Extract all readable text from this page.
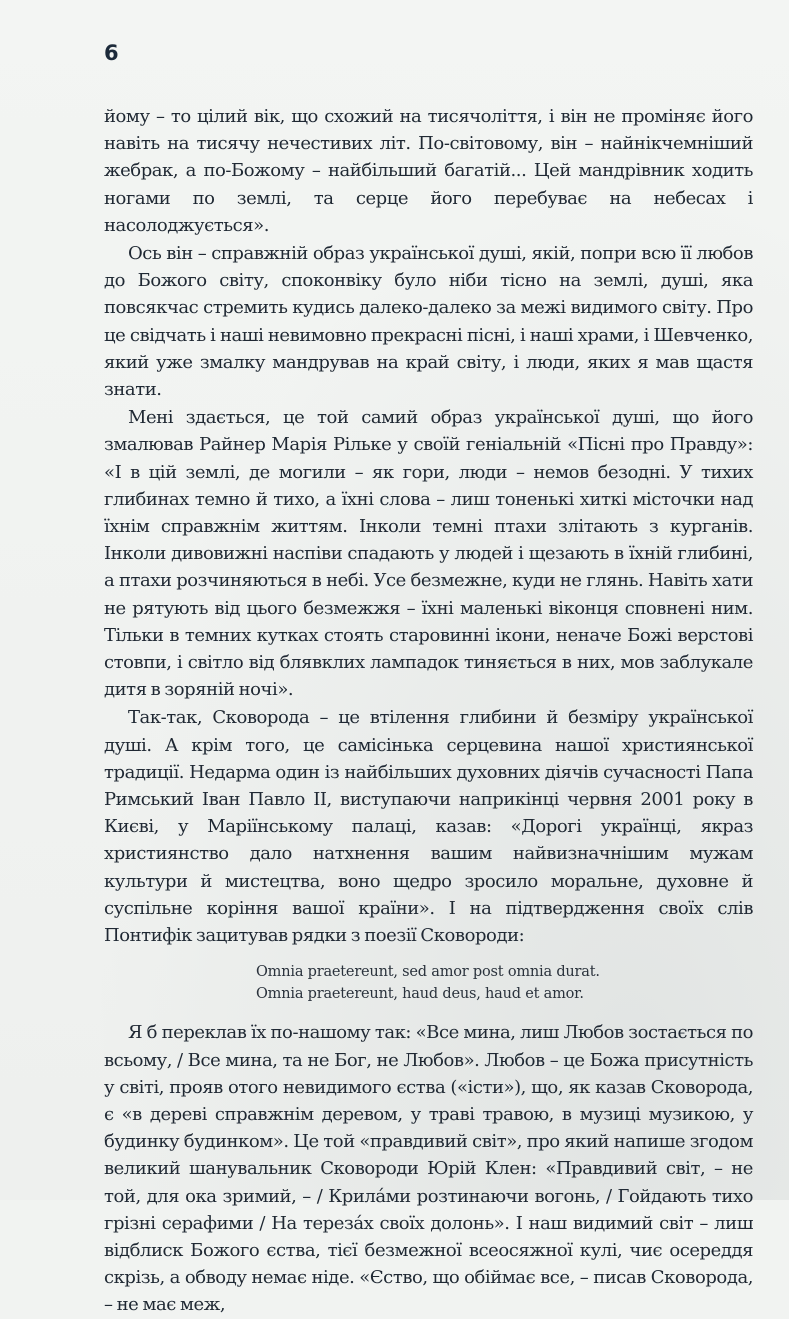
6

йому – то цілий вік, що схожий на тисячоліття, і він не проміняє його навіть на тисячу нечестивих літ. По-світовому, він – найнікчемніший жебрак, а по-Божому – найбільший багатій... Цей мандрівник ходить ногами по землі, та серце його перебуває на небесах і насолоджується».

Ось він – справжній образ української душі, якій, попри всю її любов до Божого світу, споконвіку було ніби тісно на землі, душі, яка повсякчас стремить кудись далеко-далеко за межі видимого світу. Про це свідчать і наші невимовно прекрасні пісні, і наші храми, і Шевченко, який уже змалку мандрував на край світу, і люди, яких я мав щастя знати.

Мені здається, це той самий образ української душі, що його змалював Райнер Марія Рільке у своїй геніальній «Пісні про Правду»: «І в цій землі, де могили – як гори, люди – немов безодні. У тихих глибинах темно й тихо, а їхні слова – лиш тоненькі хиткі місточки над їхнім справжнім життям. Інколи темні птахи злітають з курганів. Інколи дивовижні наспіви спадають у людей і щезають в їхній глибині, а птахи розчиняються в небі. Усе безмежне, куди не глянь. Навіть хати не рятують від цього безмежжя – їхні маленькі віконця сповнені ним. Тільки в темних кутках стоять старовинні ікони, неначе Божі верстові стовпи, і світло від блявклих лампадок тиняється в них, мов заблукале дитя в зоряній ночі».

Так-так, Сковорода – це втілення глибини й безміру української душі. А крім того, це самісінька серцевина нашої християнської традиції. Недарма один із найбільших духовних діячів сучасності Папа Римський Іван Павло II, виступаючи наприкінці червня 2001 року в Києві, у Маріїнському палаці, казав: «Дорогі українці, якраз християнство дало натхнення вашим найвизначнішим мужам культури й мистецтва, воно щедро зросило моральне, духовне й суспільне коріння вашої країни». І на підтвердження своїх слів Понтифік зацитував рядки з поезії Сковороди:

Omnia praetereunt, sed amor post omnia durat.
Omnia praetereunt, haud deus, haud et amor.

Я б переклав їх по-нашому так: «Все мина, лиш Любов зостається по всьому, / Все мина, та не Бог, не Любов». Любов – це Божа присутність у світі, прояв отого невидимого єства («істи»), що, як казав Сковорода, є «в дереві справжнім деревом, у траві травою, в музиці музикою, у будинку будинком». Це той «правдивий світ», про який напише згодом великий шанувальник Сковороди Юрій Клен: «Правдивий світ, – не той, для ока зримий, – / Крила́ми розтинаючи вогонь, / Гойдають тихо грізні серафими / На тереза́х своїх долонь». І наш видимий світ – лиш відблиск Божого єства, тієї безмежної всеосяжної кулі, чиє осереддя скрізь, а обводу немає ніде. «Єство, що обіймає все, – писав Сковорода, – не має меж,
